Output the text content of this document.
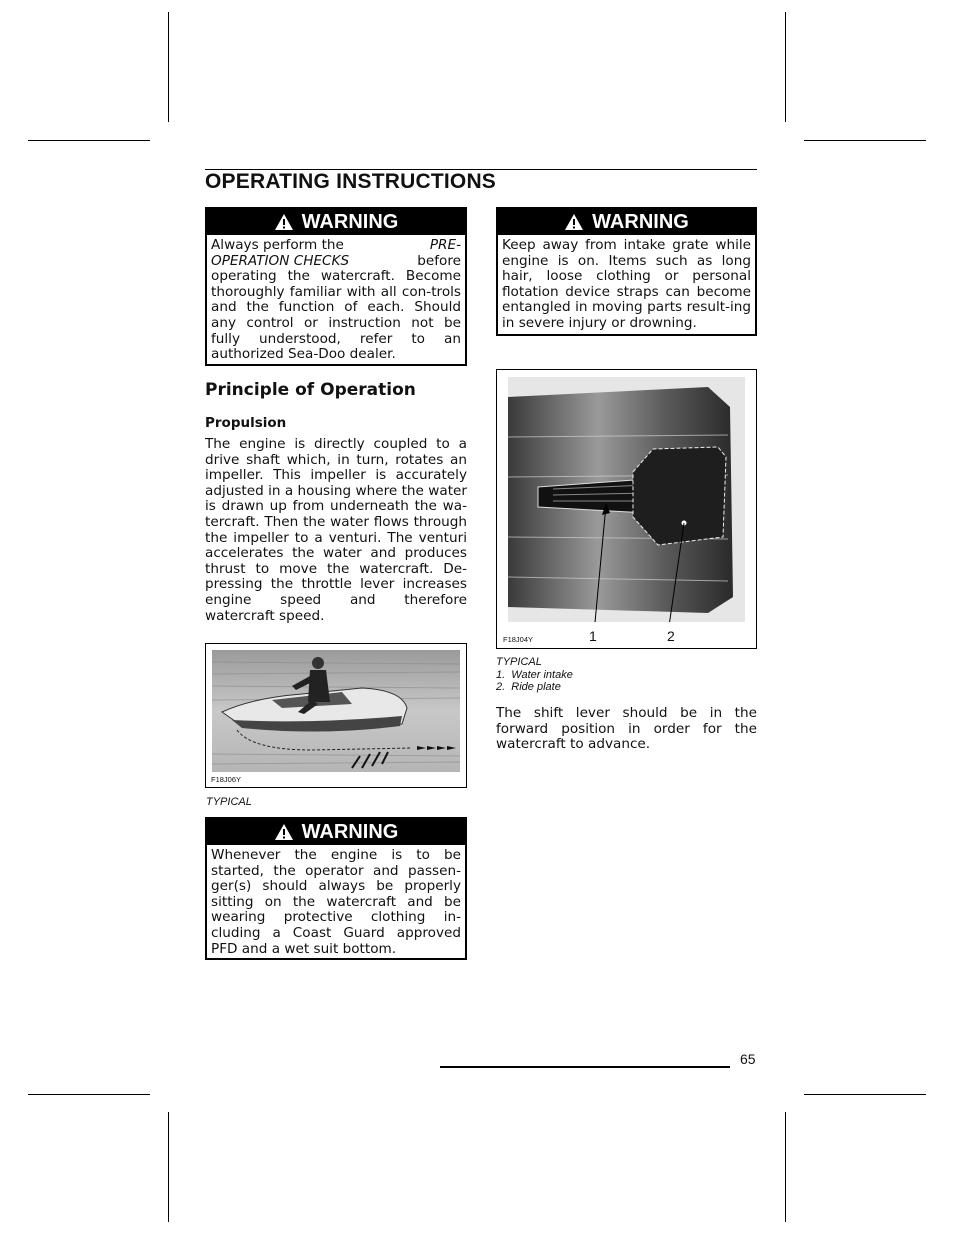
OPERATING INSTRUCTIONS
WARNING
Always perform the	PRE-
OPERATION CHECKS	before
operating the watercraft. Become thoroughly familiar with all con-trols and the function of each. Should any control or instruction not be fully understood, refer to an authorized Sea-Doo dealer.
WARNING
Keep away from intake grate while engine is on. Items such as long hair, loose clothing or personal flotation device straps can become entangled in moving parts result-ing in severe injury or drowning.
Principle of Operation
Propulsion
The engine is directly coupled to a drive shaft which, in turn, rotates an impeller. This impeller is accurately adjusted in a housing where the water is drawn up from underneath the wa-tercraft. Then the water flows through the impeller to a venturi. The venturi accelerates the water and produces thrust to move the watercraft. De-pressing the throttle lever increases engine speed and therefore watercraft speed.
F18J06Y
TYPICAL
WARNING
Whenever the engine is to be started, the operator and passen-ger(s) should always be properly sitting on the watercraft and be wearing protective clothing in-cluding a Coast Guard approved PFD and a wet suit bottom.
F18J04Y	1	2
TYPICAL
1.  Water intake
2.  Ride plate
The shift lever should be in the forward position in order for the watercraft to advance.
65
